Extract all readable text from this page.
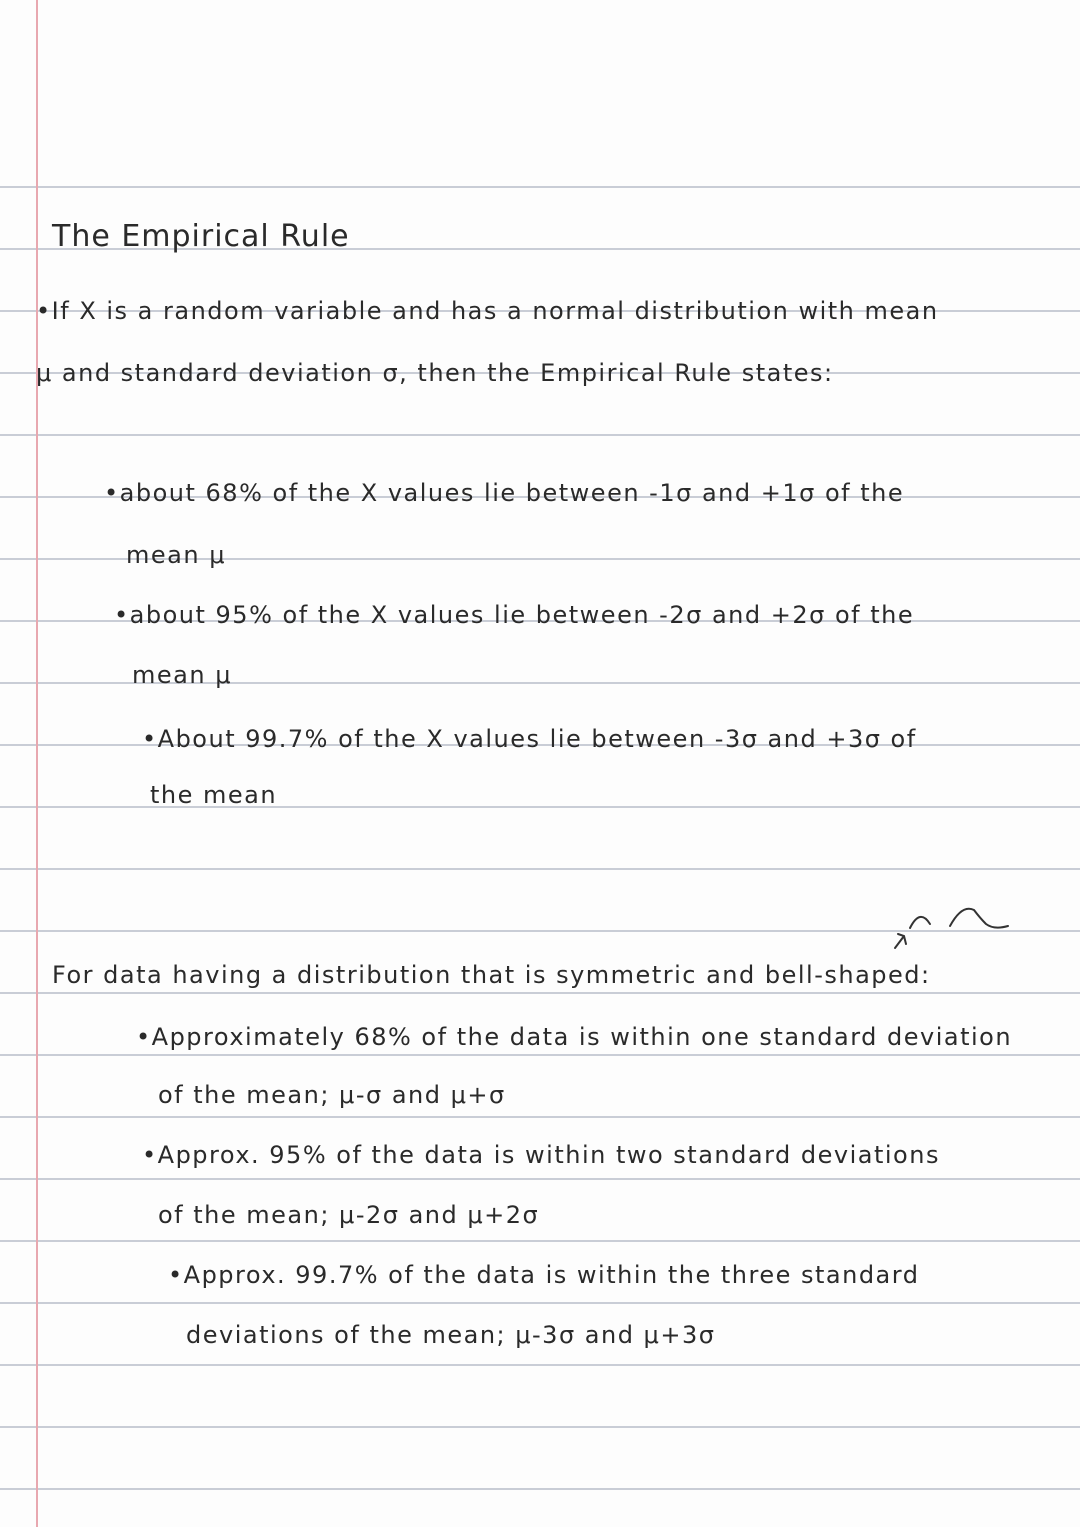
The Empirical Rule
•If X is a random variable and has a normal distribution with mean
μ and standard deviation σ, then the Empirical Rule states:
•about 68% of the X values lie between -1σ and +1σ of the
mean μ
•about 95% of the X values lie between -2σ and +2σ of the
mean μ
•About 99.7% of the X values lie between -3σ and +3σ of
the mean
For data having a distribution that is symmetric and bell-shaped:
•Approximately 68% of the data is within one standard deviation
of the mean; μ-σ and μ+σ
•Approx. 95% of the data is within two standard deviations
of the mean; μ-2σ and μ+2σ
•Approx. 99.7% of the data is within the three standard
deviations of the mean; μ-3σ and μ+3σ
